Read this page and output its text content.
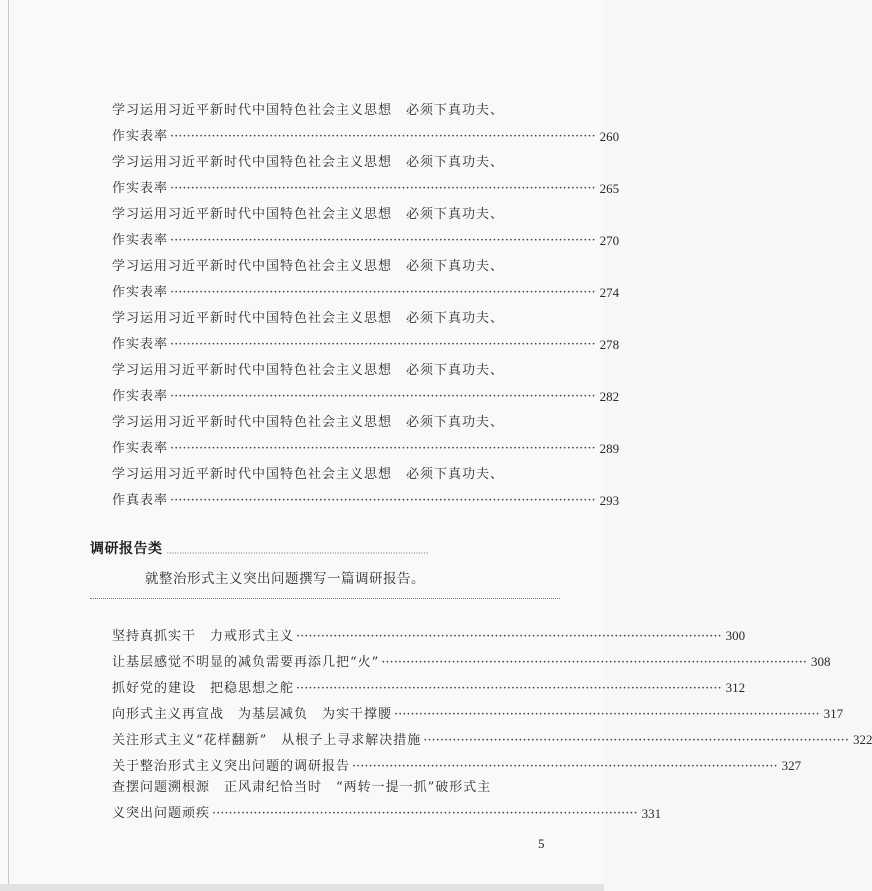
学习运用习近平新时代中国特色社会主义思想　必须下真功夫、
作实表率 ······································································································· 260
学习运用习近平新时代中国特色社会主义思想　必须下真功夫、
作实表率 ······································································································· 265
学习运用习近平新时代中国特色社会主义思想　必须下真功夫、
作实表率 ······································································································· 270
学习运用习近平新时代中国特色社会主义思想　必须下真功夫、
作实表率 ······································································································· 274
学习运用习近平新时代中国特色社会主义思想　必须下真功夫、
作实表率 ······································································································· 278
学习运用习近平新时代中国特色社会主义思想　必须下真功夫、
作实表率 ······································································································· 282
学习运用习近平新时代中国特色社会主义思想　必须下真功夫、
作实表率 ······································································································· 289
学习运用习近平新时代中国特色社会主义思想　必须下真功夫、
作真表率 ······································································································· 293
调研报告类 ·······································································································
就整治形式主义突出问题撰写一篇调研报告。
坚持真抓实干　力戒形式主义 ······································································································· 300
让基层感觉不明显的减负需要再添几把“火” ······································································································· 308
抓好党的建设　把稳思想之舵 ······································································································· 312
向形式主义再宣战　为基层减负　为实干撑腰 ······································································································· 317
关注形式主义“花样翻新”　从根子上寻求解决措施 ······································································································· 322
关于整治形式主义突出问题的调研报告 ······································································································· 327
查摆问题溯根源　正风肃纪恰当时　“两转一提一抓”破形式主
义突出问题顽疾 ······································································································· 331
5
